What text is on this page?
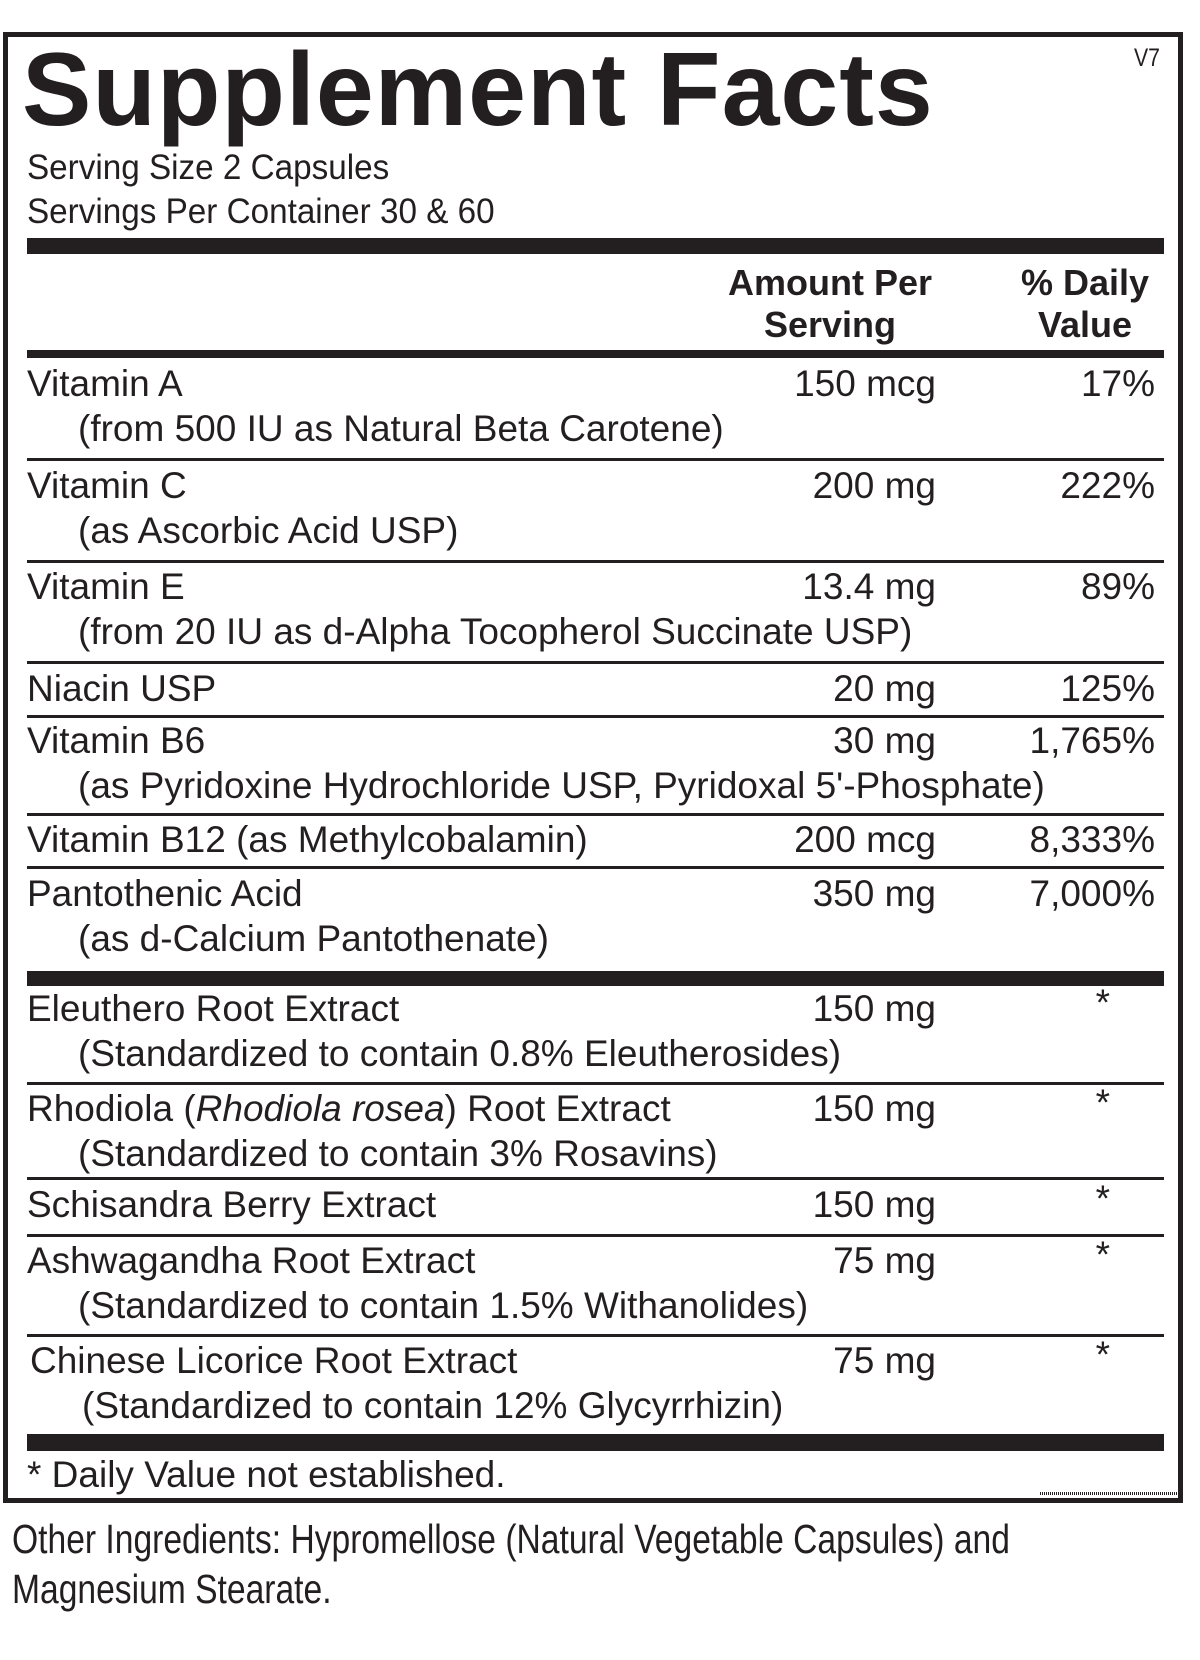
Supplement Facts	V7
Serving Size 2 Capsules
Servings Per Container 30 & 60
Amount Per
Serving
% Daily
Value
Vitamin A	150 mcg	17%
(from 500 IU as Natural Beta Carotene)
Vitamin C	200 mg	222%
(as Ascorbic Acid USP)
Vitamin E	13.4 mg	89%
(from 20 IU as d-Alpha Tocopherol Succinate USP)
Niacin USP	20 mg	125%
Vitamin B6	30 mg	1,765%
(as Pyridoxine Hydrochloride USP, Pyridoxal 5'-Phosphate)
Vitamin B12 (as Methylcobalamin)	200 mcg	8,333%
Pantothenic Acid	350 mg	7,000%
(as d-Calcium Pantothenate)
Eleuthero Root Extract	150 mg	*
(Standardized to contain 0.8% Eleutherosides)
Rhodiola (Rhodiola rosea) Root Extract	150 mg	*
(Standardized to contain 3% Rosavins)
Schisandra Berry Extract	150 mg	*
Ashwagandha Root Extract	75 mg	*
(Standardized to contain 1.5% Withanolides)
Chinese Licorice Root Extract	75 mg	*
(Standardized to contain 12% Glycyrrhizin)
* Daily Value not established.
Other Ingredients: Hypromellose (Natural Vegetable Capsules) and
Magnesium Stearate.
